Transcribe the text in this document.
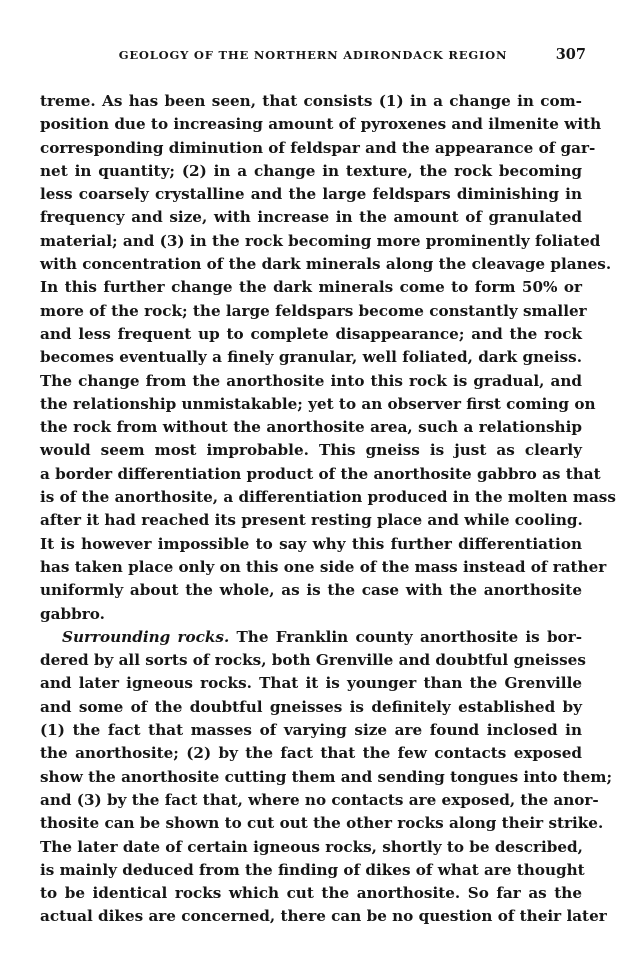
GEOLOGY OF THE NORTHERN ADIRONDACK REGION	307
treme. As has been seen, that consists (1) in a change in com-
position due to increasing amount of pyroxenes and ilmenite with
corresponding diminution of feldspar and the appearance of gar-
net in quantity; (2) in a change in texture, the rock becoming
less coarsely crystalline and the large feldspars diminishing in
frequency and size, with increase in the amount of granulated
material; and (3) in the rock becoming more prominently foliated
with concentration of the dark minerals along the cleavage planes.
In this further change the dark minerals come to form 50% or
more of the rock; the large feldspars become constantly smaller
and less frequent up to complete disappearance; and the rock
becomes eventually a finely granular, well foliated, dark gneiss.
The change from the anorthosite into this rock is gradual, and
the relationship unmistakable; yet to an observer first coming on
the rock from without the anorthosite area, such a relationship
would seem most improbable. This gneiss is just as clearly
a border differentiation product of the anorthosite gabbro as that
is of the anorthosite, a differentiation produced in the molten mass
after it had reached its present resting place and while cooling.
It is however impossible to say why this further differentiation
has taken place only on this one side of the mass instead of rather
uniformly about the whole, as is the case with the anorthosite
gabbro.
Surrounding rocks. The Franklin county anorthosite is bor-
dered by all sorts of rocks, both Grenville and doubtful gneisses
and later igneous rocks. That it is younger than the Grenville
and some of the doubtful gneisses is definitely established by
(1) the fact that masses of varying size are found inclosed in
the anorthosite; (2) by the fact that the few contacts exposed
show the anorthosite cutting them and sending tongues into them;
and (3) by the fact that, where no contacts are exposed, the anor-
thosite can be shown to cut out the other rocks along their strike.
The later date of certain igneous rocks, shortly to be described,
is mainly deduced from the finding of dikes of what are thought
to be identical rocks which cut the anorthosite. So far as the
actual dikes are concerned, there can be no question of their later
